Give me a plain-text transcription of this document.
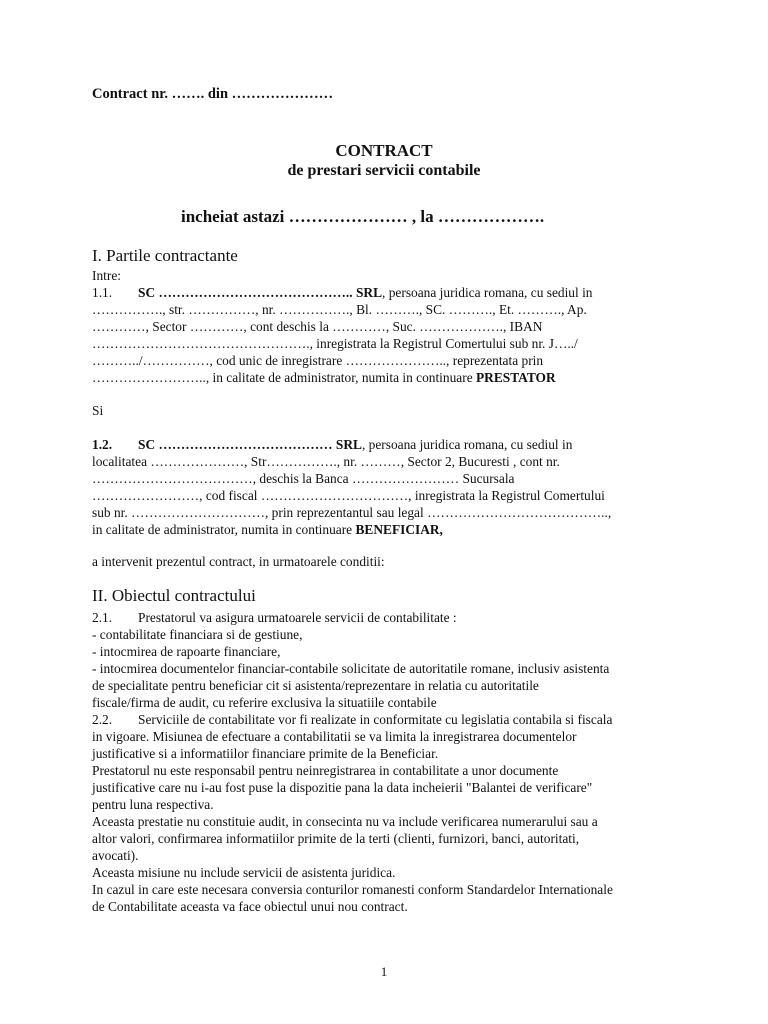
Contract nr. ……. din …………………
CONTRACT
de prestari servicii contabile
incheiat astazi ………………… , la ……………….
I. Partile contractante
Intre:
1.1. SC …………………………………….. SRL, persoana juridica romana, cu sediul in
……………., str. ……………, nr. ……………., Bl. ………., SC. ………., Et. ………., Ap.
…………, Sector …………, cont deschis la …………, Suc. ………………., IBAN
…………………………………………., inregistrata la Registrul Comertului sub nr. J…../
………../……………, cod unic de inregistrare ………………….., reprezentata prin
…………………….., in calitate de administrator, numita in continuare PRESTATOR
Si
1.2. SC ………………………………… SRL, persoana juridica romana, cu sediul in
localitatea …………………, Str……………., nr. ………, Sector 2, Bucuresti , cont nr.
………………………………, deschis la Banca …………………… Sucursala
……………………, cod fiscal ……………………………, inregistrata la Registrul Comertului
sub nr. …………………………, prin reprezentantul sau legal …………………………………..,
in calitate de administrator, numita in continuare BENEFICIAR,
a intervenit prezentul contract, in urmatoarele conditii:
II. Obiectul contractului
2.1. Prestatorul va asigura urmatoarele servicii de contabilitate :
- contabilitate financiara si de gestiune,
- intocmirea de rapoarte financiare,
- intocmirea documentelor financiar-contabile solicitate de autoritatile romane, inclusiv asistenta
de specialitate pentru beneficiar cit si asistenta/reprezentare in relatia cu autoritatile
fiscale/firma de audit, cu referire exclusiva la situatiile contabile
2.2. Serviciile de contabilitate vor fi realizate in conformitate cu legislatia contabila si fiscala
in vigoare. Misiunea de efectuare a contabilitatii se va limita la inregistrarea documentelor
justificative si a informatiilor financiare primite de la Beneficiar.
Prestatorul nu este responsabil pentru neinregistrarea in contabilitate a unor documente
justificative care nu i-au fost puse la dispozitie pana la data incheierii "Balantei de verificare"
pentru luna respectiva.
Aceasta prestatie nu constituie audit, in consecinta nu va include verificarea numerarului sau a
altor valori, confirmarea informatiilor primite de la terti (clienti, furnizori, banci, autoritati,
avocati).
Aceasta misiune nu include servicii de asistenta juridica.
In cazul in care este necesara conversia conturilor romanesti conform Standardelor Internationale
de Contabilitate aceasta va face obiectul unui nou contract.
1
